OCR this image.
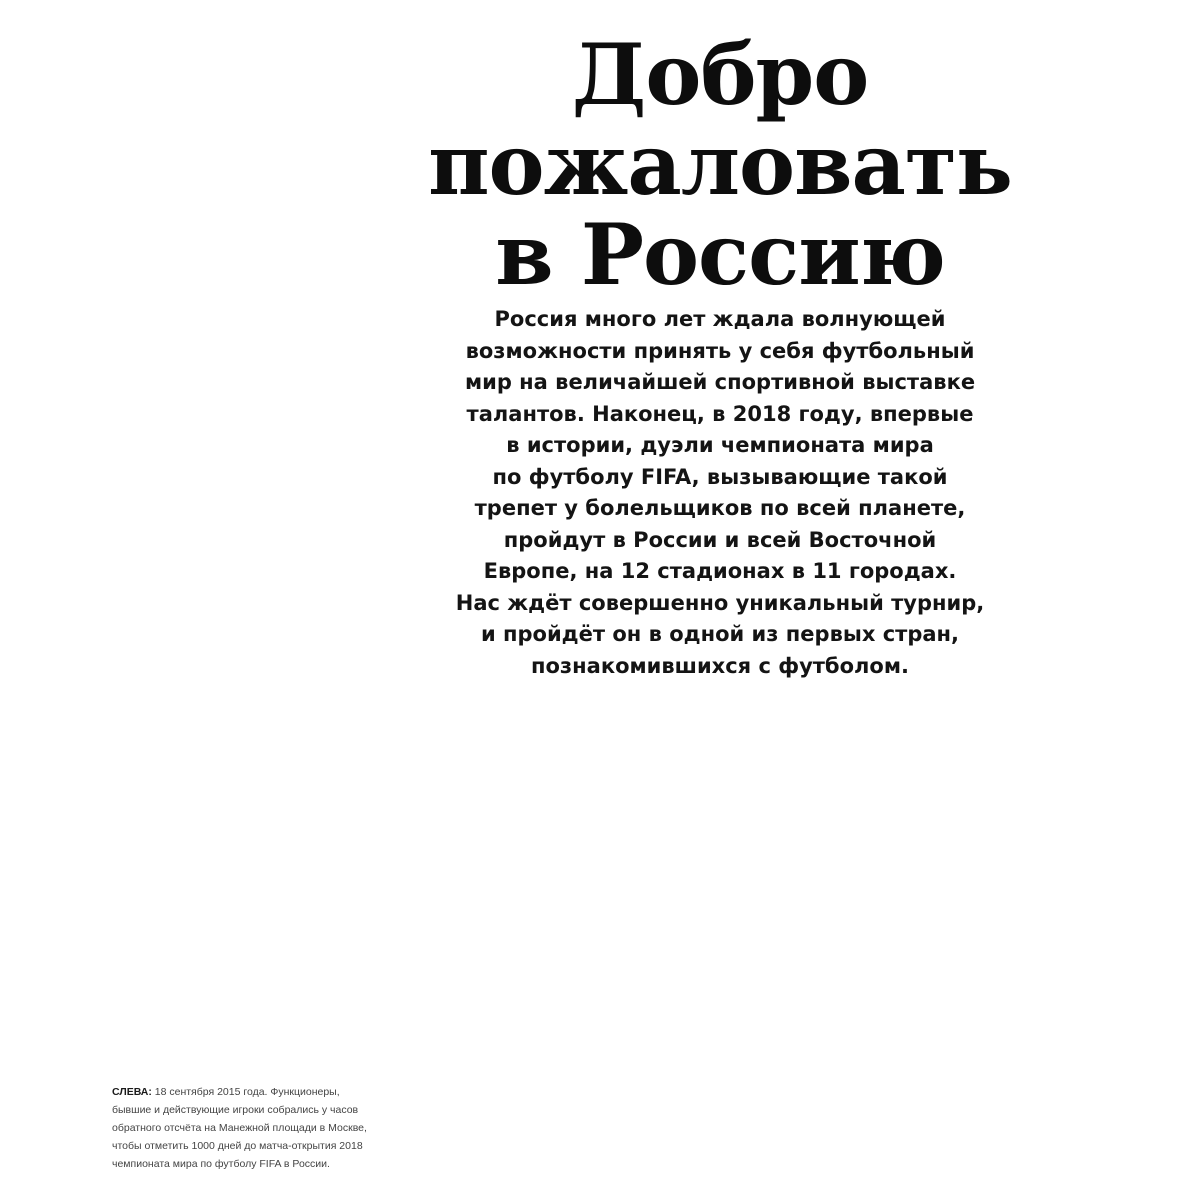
Добро
пожаловать
в Россию
Россия много лет ждала волнующей
возможности принять у себя футбольный
мир на величайшей спортивной выставке
талантов. Наконец, в 2018 году, впервые
в истории, дуэли чемпионата мира
по футболу FIFA, вызывающие такой
трепет у болельщиков по всей планете,
пройдут в России и всей Восточной
Европе, на 12 стадионах в 11 городах.
Нас ждёт совершенно уникальный турнир,
и пройдёт он в одной из первых стран,
познакомившихся с футболом.
СЛЕВА: 18 сентября 2015 года. Функционеры,
бывшие и действующие игроки собрались у часов
обратного отсчёта на Манежной площади в Москве,
чтобы отметить 1000 дней до матча-открытия 2018
чемпионата мира по футболу FIFA в России.
